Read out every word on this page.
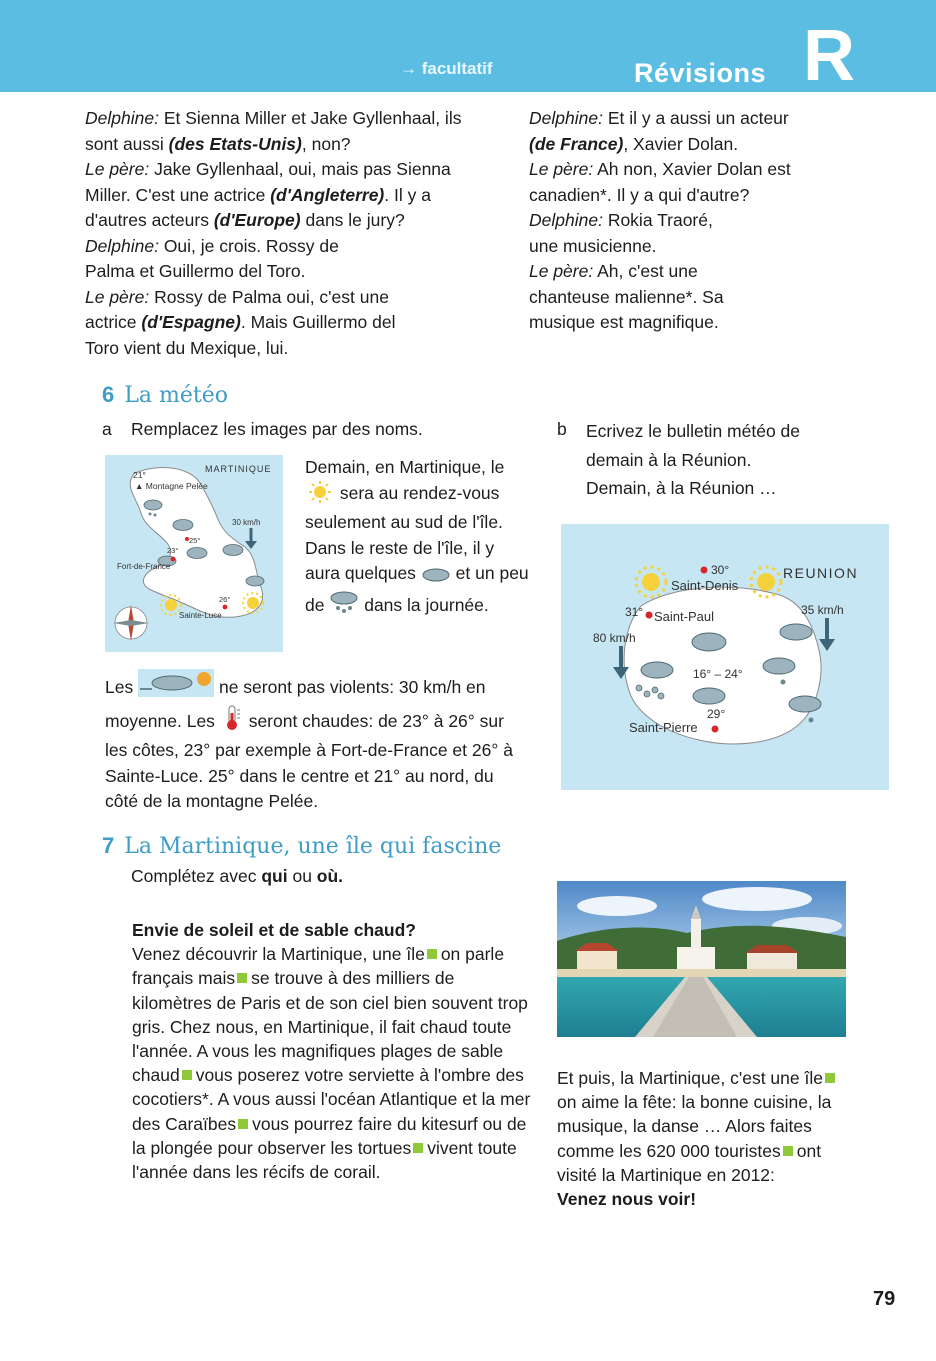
→ facultatif	Révisions R

Delphine: Et Sienna Miller et Jake Gyllenhaal, ils sont aussi (des Etats-Unis), non?

Le père: Jake Gyllenhaal, oui, mais pas Sienna Miller. C'est une actrice (d'Angleterre). Il y a d'autres acteurs (d'Europe) dans le jury?

Delphine: Oui, je crois. Rossy de Palma et Guillermo del Toro.

Le père: Rossy de Palma oui, c'est une actrice (d'Espagne). Mais Guillermo del Toro vient du Mexique, lui.

Delphine: Et il y a aussi un acteur (de France), Xavier Dolan.

Le père: Ah non, Xavier Dolan est canadien*. Il y a qui d'autre?

Delphine: Rokia Traoré, une musicienne.

Le père: Ah, c'est une chanteuse malienne*. Sa musique est magnifique.

6 La météo
a Remplacez les images par des noms.
MARTINIQUE
21°
▲ Montagne Pelée
30 km/h
25°
23°
Fort-de-France
26°
Sainte-Luce
Demain, en Martinique, le  sera au rendez-vous seulement au sud de l'île. Dans le reste de l'île, il y aura quelques et un peu de dans la journée.
Les	ne seront pas violents: 30 km/h en moyenne. Les seront chaudes: de 23° à 26° sur les côtes, 23° par exemple à Fort-de-France et 26° à Sainte-Luce. 25° dans le centre et 21° au nord, du côté de la montagne Pelée.
b Ecrivez le bulletin météo de demain à la Réunion. Demain, à la Réunion …
REUNION
30°
Saint-Denis
31° Saint-Paul
80 km/h
35 km/h
16° – 24°
29°
Saint-Pierre
7 La Martinique, une île qui fascine
Complétez avec qui ou où.

Envie de soleil et de sable chaud?

Venez découvrir la Martinique, une île on parle français mais se trouve à des milliers de kilomètres de Paris et de son ciel bien souvent trop gris. Chez nous, en Martinique, il fait chaud toute l'année. A vous les magnifiques plages de sable chaud vous poserez votre serviette à l'ombre des cocotiers*. A vous aussi l'océan Atlantique et la mer des Caraïbes vous pourrez faire du kitesurf ou de la plongée pour observer les tortues vivent toute l'année dans les récifs de corail.

Et puis, la Martinique, c'est une îleon aime la fête: la bonne cuisine, la musique, la danse … Alors faites comme les 620 000 touristes ont visité la Martinique en 2012:

Venez nous voir!

79
